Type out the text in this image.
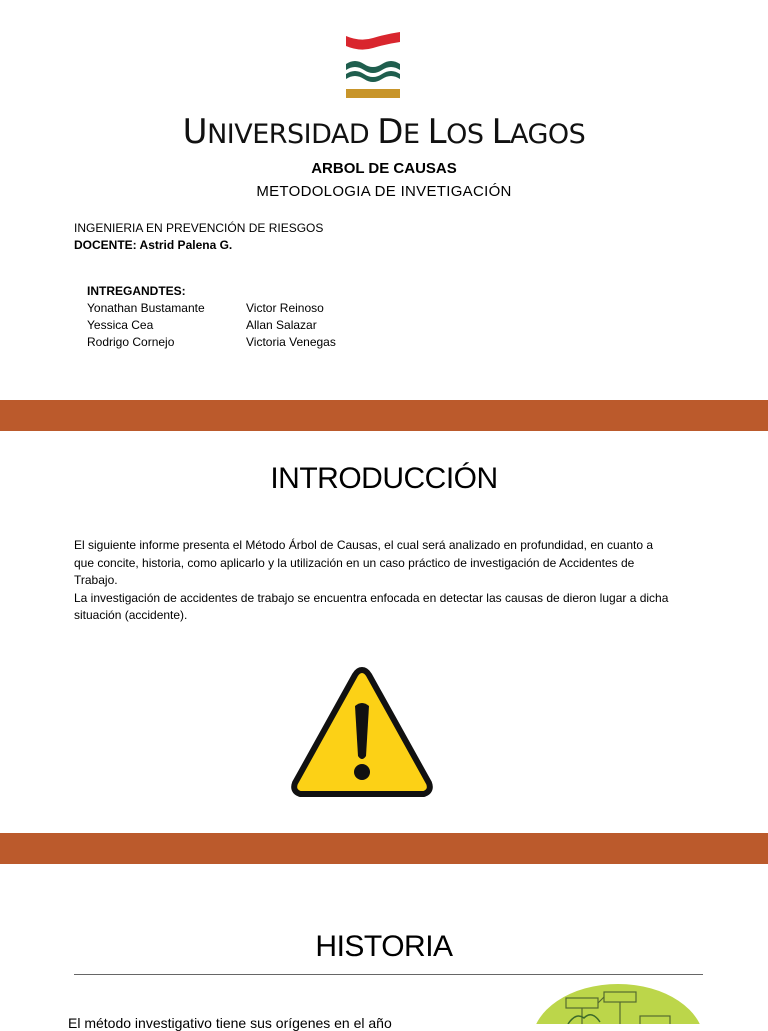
UNIVERSIDAD DE LOS LAGOS
ARBOL DE CAUSAS
METODOLOGIA DE INVETIGACIÓN
INGENIERIA EN PREVENCIÓN DE RIESGOS
DOCENTE: Astrid Palena G.
INTREGANDTES:
Yonathan Bustamante
Yessica Cea
Rodrigo Cornejo
Victor Reinoso
Allan Salazar
Victoria Venegas
INTRODUCCIÓN

El siguiente informe presenta el Método Árbol de Causas, el cual será analizado en profundidad, en cuanto a que concite, historia, como aplicarlo y la utilización en un caso práctico de investigación de Accidentes de Trabajo.

La investigación de accidentes de trabajo se encuentra enfocada en detectar las causas de dieron lugar a dicha situación (accidente).

HISTORIA
El método investigativo tiene sus orígenes en el año
